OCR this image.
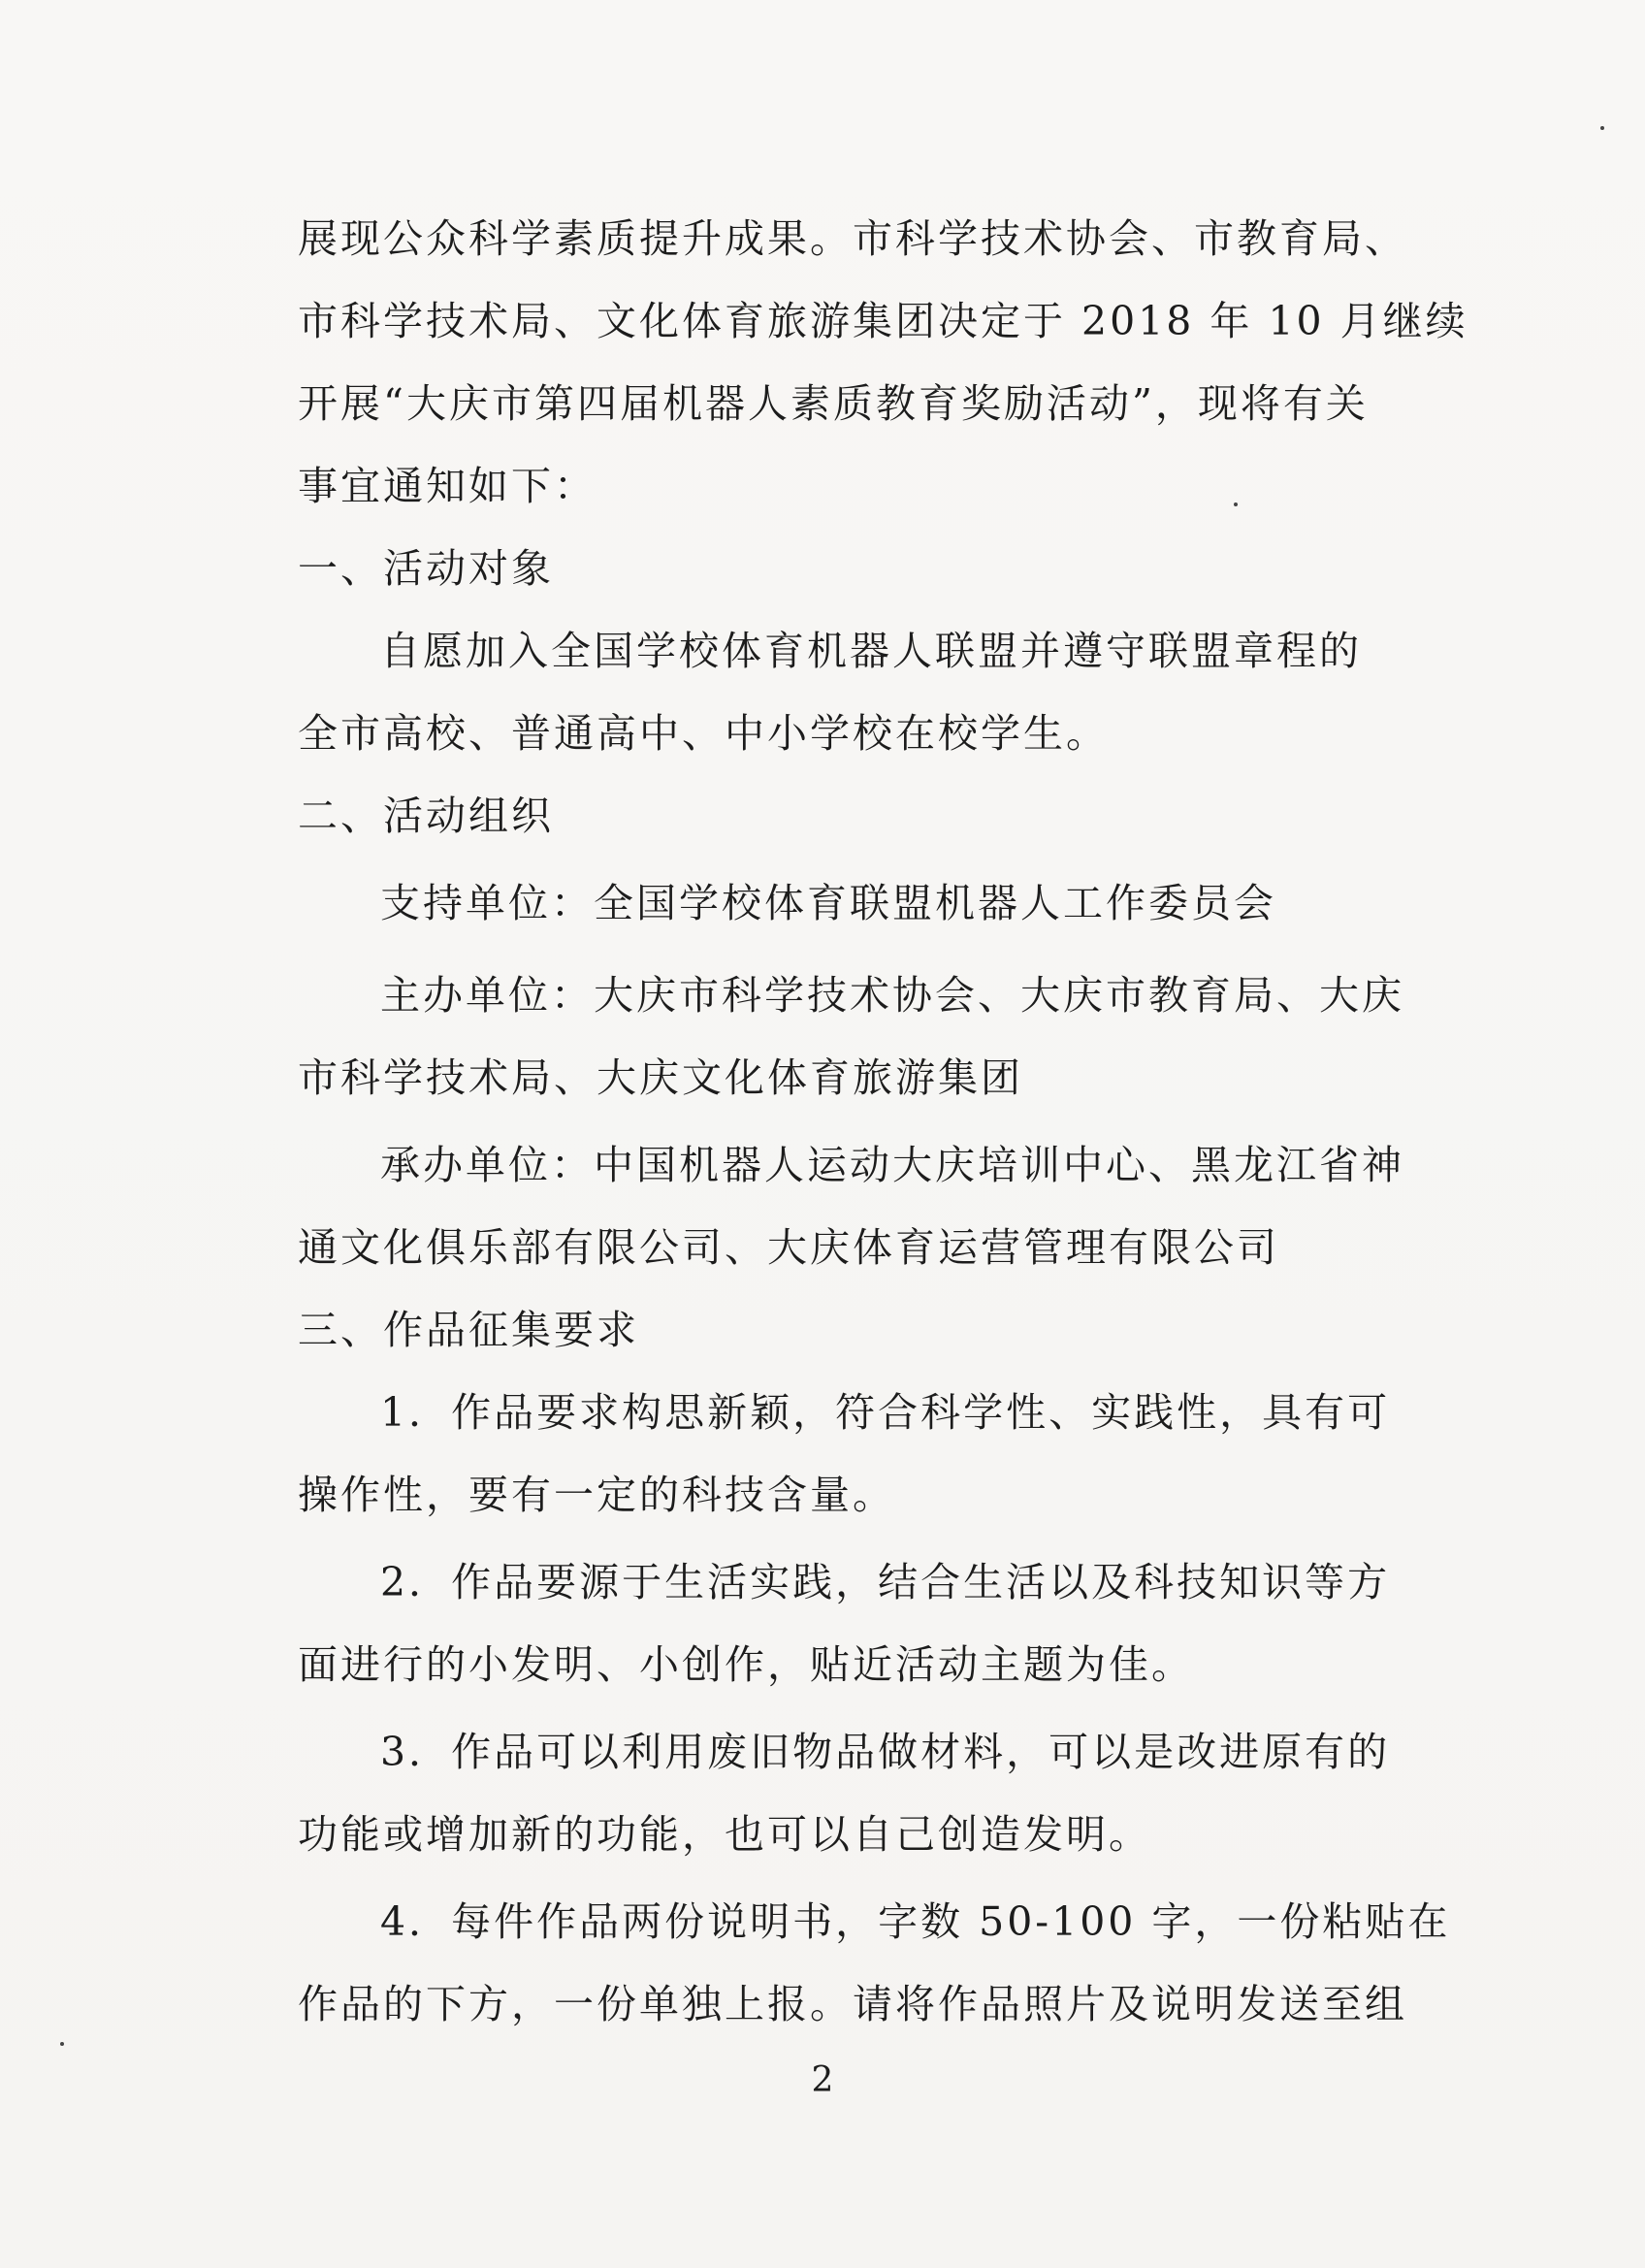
展现公众科学素质提升成果。市科学技术协会、市教育局、
市科学技术局、文化体育旅游集团决定于 2018 年 10 月继续
开展“大庆市第四届机器人素质教育奖励活动”，现将有关
事宜通知如下：
一、活动对象
自愿加入全国学校体育机器人联盟并遵守联盟章程的
全市高校、普通高中、中小学校在校学生。
二、活动组织
支持单位：全国学校体育联盟机器人工作委员会
主办单位：大庆市科学技术协会、大庆市教育局、大庆
市科学技术局、大庆文化体育旅游集团
承办单位：中国机器人运动大庆培训中心、黑龙江省神
通文化俱乐部有限公司、大庆体育运营管理有限公司
三、作品征集要求
1．作品要求构思新颖，符合科学性、实践性，具有可
操作性，要有一定的科技含量。
2．作品要源于生活实践，结合生活以及科技知识等方
面进行的小发明、小创作，贴近活动主题为佳。
3．作品可以利用废旧物品做材料，可以是改进原有的
功能或增加新的功能，也可以自己创造发明。
4．每件作品两份说明书，字数 50-100 字，一份粘贴在
作品的下方，一份单独上报。请将作品照片及说明发送至组
2
